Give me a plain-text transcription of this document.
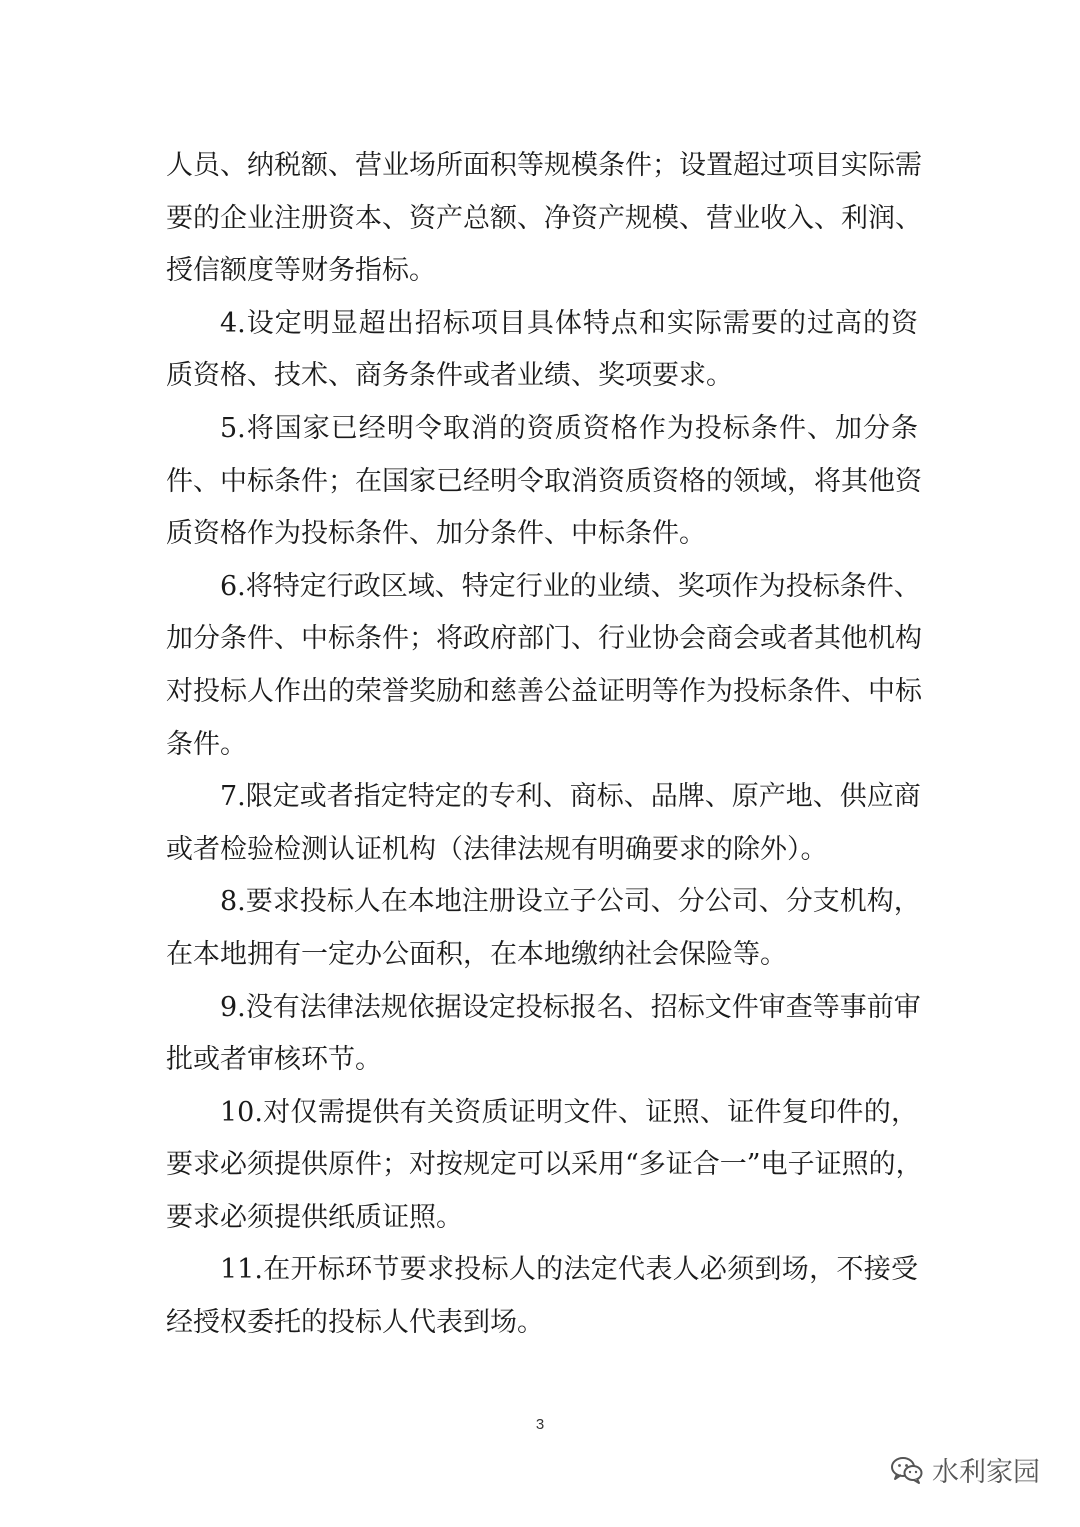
人员、纳税额、营业场所面积等规模条件；设置超过项目实际需
要的企业注册资本、资产总额、净资产规模、营业收入、利润、
授信额度等财务指标。
4.设定明显超出招标项目具体特点和实际需要的过高的资
质资格、技术、商务条件或者业绩、奖项要求。
5.将国家已经明令取消的资质资格作为投标条件、加分条
件、中标条件；在国家已经明令取消资质资格的领域，将其他资
质资格作为投标条件、加分条件、中标条件。
6.将特定行政区域、特定行业的业绩、奖项作为投标条件、
加分条件、中标条件；将政府部门、行业协会商会或者其他机构
对投标人作出的荣誉奖励和慈善公益证明等作为投标条件、中标
条件。
7.限定或者指定特定的专利、商标、品牌、原产地、供应商
或者检验检测认证机构（法律法规有明确要求的除外）。
8.要求投标人在本地注册设立子公司、分公司、分支机构，
在本地拥有一定办公面积，在本地缴纳社会保险等。
9.没有法律法规依据设定投标报名、招标文件审查等事前审
批或者审核环节。
10.对仅需提供有关资质证明文件、证照、证件复印件的，
要求必须提供原件；对按规定可以采用“多证合一”电子证照的，
要求必须提供纸质证照。
11.在开标环节要求投标人的法定代表人必须到场，不接受
经授权委托的投标人代表到场。
3
水利家园
